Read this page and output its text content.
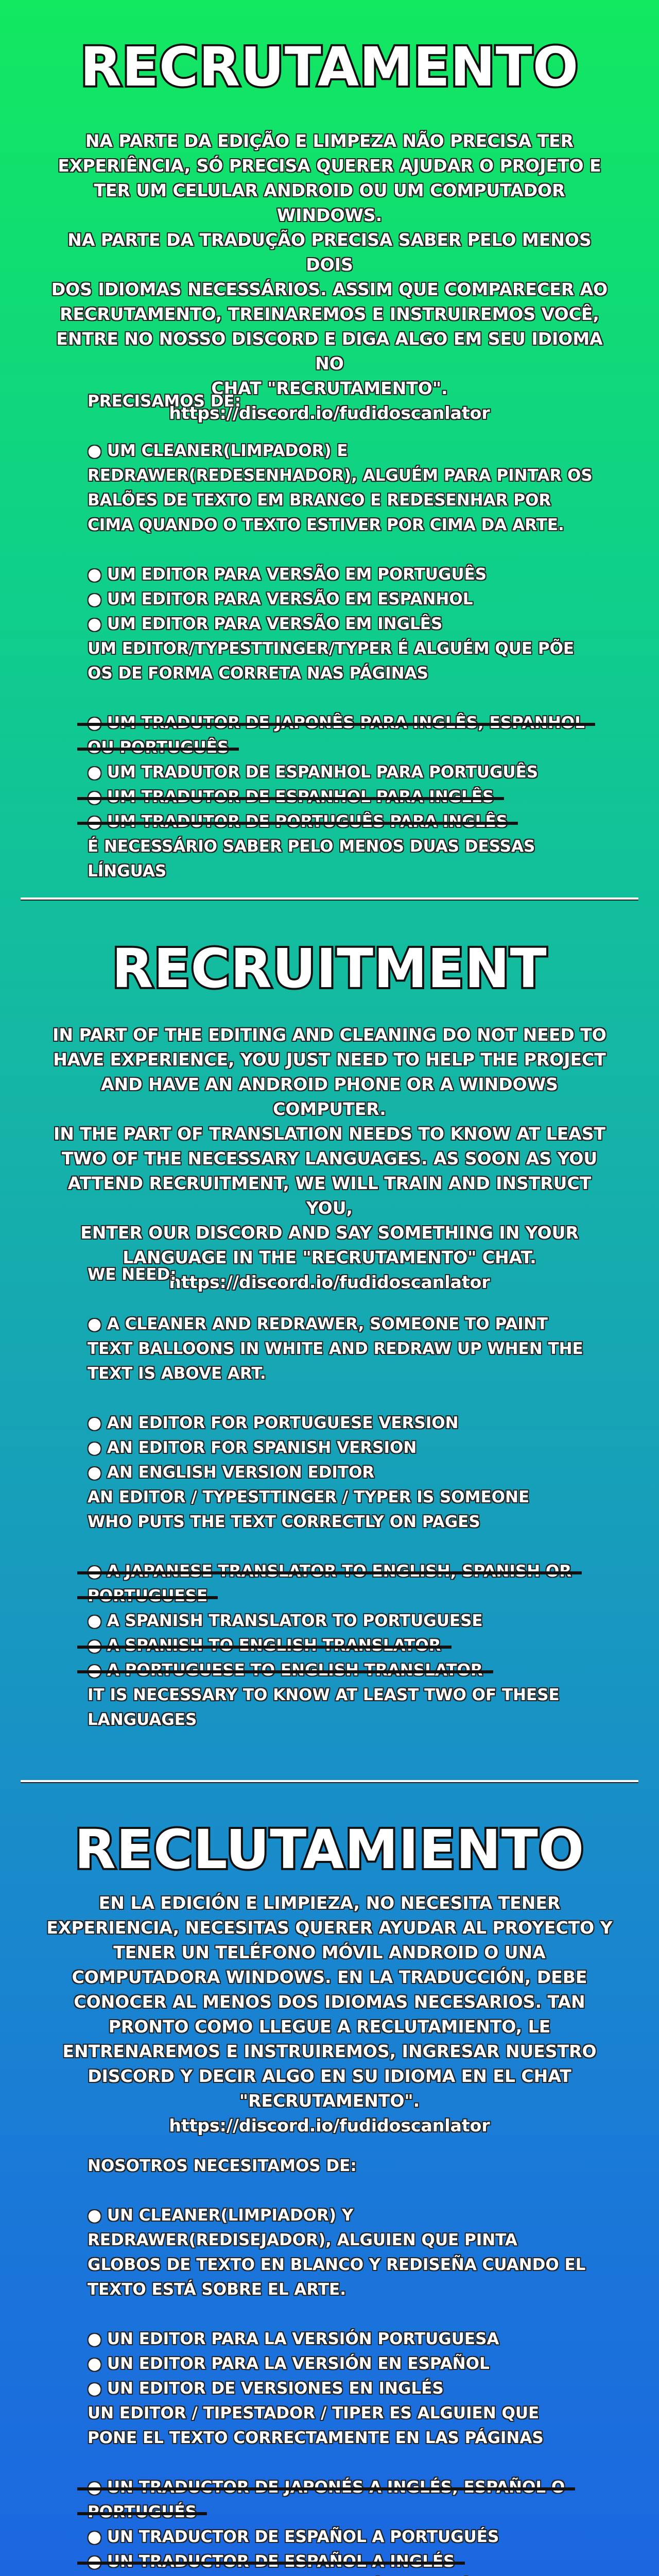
RECRUTAMENTO
NA PARTE DA EDIÇÃO E LIMPEZA NÃO PRECISA TER
EXPERIÊNCIA, SÓ PRECISA QUERER AJUDAR O PROJETO E
TER UM CELULAR ANDROID OU UM COMPUTADOR WINDOWS.
NA PARTE DA TRADUÇÃO PRECISA SABER PELO MENOS DOIS
DOS IDIOMAS NECESSÁRIOS. ASSIM QUE COMPARECER AO
RECRUTAMENTO, TREINAREMOS E INSTRUIREMOS VOCÊ,
ENTRE NO NOSSO DISCORD E DIGA ALGO EM SEU IDIOMA NO
CHAT "RECRUTAMENTO".
https://discord.io/fudidoscanlator
PRECISAMOS DE:
● UM CLEANER(LIMPADOR) E
REDRAWER(REDESENHADOR), ALGUÉM PARA PINTAR OS
BALÕES DE TEXTO EM BRANCO E REDESENHAR POR
CIMA QUANDO O TEXTO ESTIVER POR CIMA DA ARTE.
● UM EDITOR PARA VERSÃO EM PORTUGUÊS
● UM EDITOR PARA VERSÃO EM ESPANHOL
● UM EDITOR PARA VERSÃO EM INGLÊS
UM EDITOR/TYPESTTINGER/TYPER É ALGUÉM QUE PÕE
OS DE FORMA CORRETA NAS PÁGINAS
● UM TRADUTOR DE ESPANHOL PARA PORTUGUÊS
É NECESSÁRIO SABER PELO MENOS DUAS DESSAS
LÍNGUAS
RECRUITMENT
IN PART OF THE EDITING AND CLEANING DO NOT NEED TO
HAVE EXPERIENCE, YOU JUST NEED TO HELP THE PROJECT
AND HAVE AN ANDROID PHONE OR A WINDOWS COMPUTER.
IN THE PART OF TRANSLATION NEEDS TO KNOW AT LEAST
TWO OF THE NECESSARY LANGUAGES. AS SOON AS YOU
ATTEND RECRUITMENT, WE WILL TRAIN AND INSTRUCT YOU,
ENTER OUR DISCORD AND SAY SOMETHING IN YOUR
LANGUAGE IN THE "RECRUTAMENTO" CHAT.
https://discord.io/fudidoscanlator
WE NEED:
● A CLEANER AND REDRAWER, SOMEONE TO PAINT
TEXT BALLOONS IN WHITE AND REDRAW UP WHEN THE
TEXT IS ABOVE ART.
● AN EDITOR FOR PORTUGUESE VERSION
● AN EDITOR FOR SPANISH VERSION
● AN ENGLISH VERSION EDITOR
AN EDITOR / TYPESTTINGER / TYPER IS SOMEONE
WHO PUTS THE TEXT CORRECTLY ON PAGES
● A SPANISH TRANSLATOR TO PORTUGUESE
IT IS NECESSARY TO KNOW AT LEAST TWO OF THESE
LANGUAGES
RECLUTAMIENTO
EN LA EDICIÓN E LIMPIEZA, NO NECESITA TENER
EXPERIENCIA, NECESITAS QUERER AYUDAR AL PROYECTO Y
TENER UN TELÉFONO MÓVIL ANDROID O UNA
COMPUTADORA WINDOWS. EN LA TRADUCCIÓN, DEBE
CONOCER AL MENOS DOS IDIOMAS NECESARIOS. TAN
PRONTO COMO LLEGUE A RECLUTAMIENTO, LE
ENTRENAREMOS E INSTRUIREMOS, INGRESAR NUESTRO
DISCORD Y DECIR ALGO EN SU IDIOMA EN EL CHAT
"RECRUTAMENTO".
https://discord.io/fudidoscanlator
NOSOTROS NECESITAMOS DE:
● UN CLEANER(LIMPIADOR) Y
REDRAWER(REDISEJADOR), ALGUIEN QUE PINTA
GLOBOS DE TEXTO EN BLANCO Y REDISEÑA CUANDO EL
TEXTO ESTÁ SOBRE EL ARTE.
● UN EDITOR PARA LA VERSIÓN PORTUGUESA
● UN EDITOR PARA LA VERSIÓN EN ESPAÑOL
● UN EDITOR DE VERSIONES EN INGLÉS
UN EDITOR / TIPESTADOR / TIPER ES ALGUIEN QUE
PONE EL TEXTO CORRECTAMENTE EN LAS PÁGINAS
● UN TRADUCTOR DE ESPAÑOL A PORTUGUÉS
